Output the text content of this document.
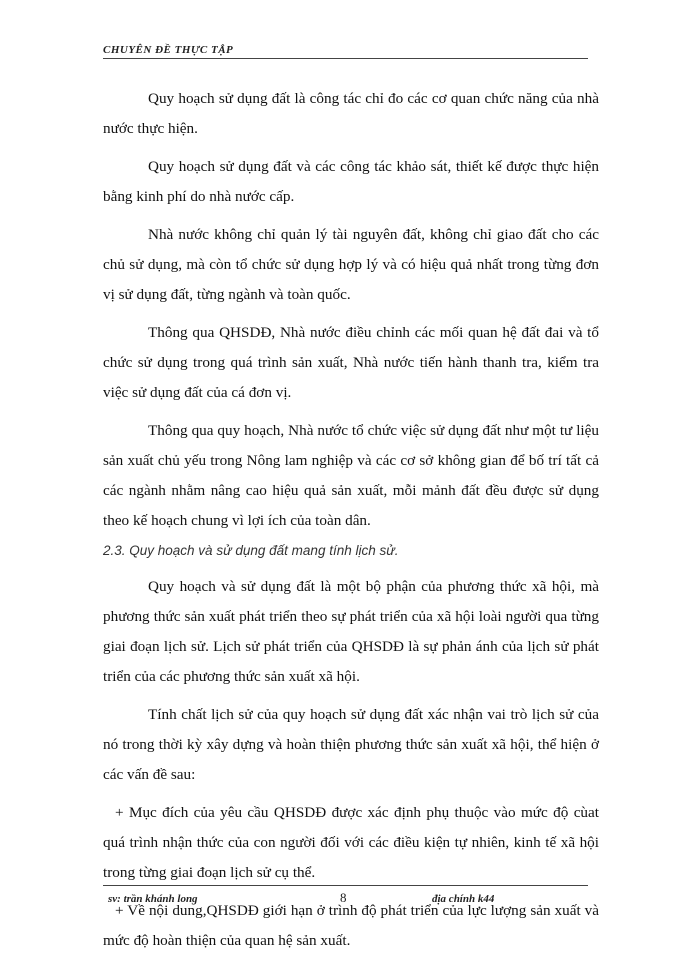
CHUYÊN ĐỀ THỰC TẬP

Quy hoạch sử dụng đất là công tác chỉ đo các cơ quan chức năng của nhà nước thực hiện.

Quy hoạch sử dụng đất và các công tác khảo sát, thiết kế được thực hiện bằng kinh phí do nhà nước cấp.

Nhà nước không chỉ quản lý tài nguyên đất, không chỉ giao đất cho các chủ sử dụng, mà còn tổ chức sử dụng hợp lý và có hiệu quả nhất trong từng đơn vị sử dụng đất, từng ngành và toàn quốc.

Thông qua QHSDĐ, Nhà nước điều chỉnh các mối quan hệ đất đai và tổ chức sử dụng trong quá trình sản xuất, Nhà nước tiến hành thanh tra, kiểm tra việc sử dụng đất của cá đơn vị.

Thông qua quy hoạch, Nhà nước tổ chức việc sử dụng đất như một tư liệu sản xuất chủ yếu trong Nông lam nghiệp và các cơ sở không gian để bố trí tất cả các ngành nhằm nâng cao hiệu quả sản xuất, mỗi mảnh đất đều được sử dụng theo kế hoạch chung vì lợi ích của toàn dân.

2.3. Quy hoạch và sử dụng đất mang tính lịch sử.

Quy hoạch và sử dụng đất là một bộ phận của phương thức xã hội, mà phương thức sản xuất phát triển theo sự phát triển của xã hội loài người qua từng giai đoạn lịch sử. Lịch sử phát triển của QHSDĐ là sự phản ánh của lịch sử phát triển của các phương thức sản xuất xã hội.

Tính chất lịch sử của quy hoạch sử dụng đất xác nhận vai trò lịch sử của nó trong thời kỳ xây dựng và hoàn thiện phương thức sản xuất xã hội, thể hiện ở các vấn đề sau:

+ Mục đích của yêu cầu QHSDĐ được xác định phụ thuộc vào mức độ cùat quá trình nhận thức của con người đối với các điều kiện tự nhiên, kinh tế xã hội trong từng giai đoạn lịch sử cụ thể.

+ Về nội dung,QHSDĐ giới hạn ở trình độ phát triển của lực lượng sản xuất và mức độ hoàn thiện của quan hệ sản xuất.

sv: trần khánh long	8	địa chính k44
